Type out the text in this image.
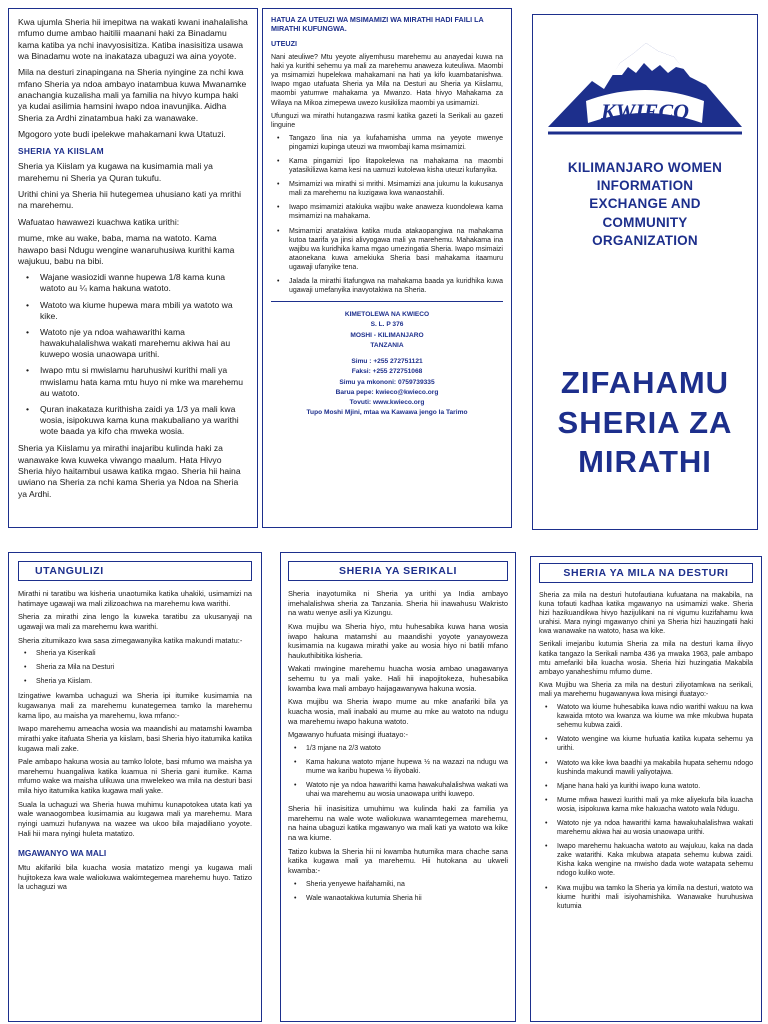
Kwa ujumla Sheria hii imepitwa na wakati kwani inahalalisha mfumo dume ambao haitilii maanani haki za Binadamu kama katiba ya nchi inavyosisitiza. Katiba inasisitiza usawa wa Binadamu wote na inakataza ubaguzi wa aina yoyote.

Mila na desturi zinapingana na Sheria nyingine za nchi kwa mfano Sheria ya ndoa ambayo inatambua kuwa Mwanamke anachangia kuzalisha mali ya familia na hivyo kumpa haki ya kudai asilimia hamsini iwapo ndoa inavunjika. Aidha Sheria za Ardhi zinatambua haki za wanawake.

Mgogoro yote budi ipelekwe mahakamani kwa Utatuzi.

SHERIA YA KIISLAM

Sheria ya Kiislam ya kugawa na kusimamia mali ya marehemu ni Sheria ya Quran tukufu.

Urithi chini ya Sheria hii hutegemea uhusiano kati ya mrithi na marehemu.

Wafuatao hawawezi kuachwa katika urithi:

mume, mke au wake, baba, mama na watoto. Kama hawapo basi Ndugu wengine wanaruhusiwa kurithi kama wajukuu, babu na bibi.

• Wajane wasiozidi wanne hupewa 1/8 kama kuna watoto au ¼ kama hakuna watoto.
• Watoto wa kiume hupewa mara mbili ya watoto wa kike.
• Watoto nje ya ndoa wahawarithi kama hawakuhalalishwa wakati marehemu akiwa hai au kuwepo wosia unaowapa urithi.
• Iwapo mtu si mwislamu haruhusiwi kurithi mali ya mwislamu hata kama mtu huyo ni mke wa marehemu au watoto.
• Quran inakataza kurithisha zaidi ya 1/3 ya mali kwa wosia, isipokuwa kama kuna makubaliano ya warithi wote baada ya kifo cha mweka wosia.

Sheria ya Kiislamu ya mirathi inajaribu kulinda haki za wanawake kwa kuweka viwango maalum. Hata Hivyo Sheria hiyo haitambui usawa katika mgao. Sheria hii haina uwiano na Sheria za nchi kama Sheria ya Ndoa na Sheria ya Ardhi.

HATUA ZA UTEUZI WA MSIMAMIZI WA MIRATHI HADI FAILI LA MIRATHI KUFUNGWA.
UTEUZI

Nani ateuliwe? Mtu yeyote aliyemhusu marehemu au anayedai kuwa na haki ya kurithi sehemu ya mali za marehemu anaweza kuteuliwa. Maombi ya msimamizi hupelekwa mahakamani na hati ya kifo kuambatanishwa. Iwapo mgao utafuata Sheria ya Mila na Desturi au Sheria ya Kiislamu, maombi yatumwe mahakama ya Mwanzo. Hata hivyo Mahakama za Wilaya na Mikoa zimepewa uwezo kusikiliza maombi ya usimamizi.

Ufunguzi wa mirathi hutangazwa rasmi katika gazeti la Serikali au gazeti linguine

• Tangazo lina nia ya kufahamisha umma na yeyote mwenye pingamizi kupinga uteuzi wa mwombaji kama msimamizi.
• Kama pingamizi lipo litapokelewa na mahakama na maombi yatasikilizwa kama kesi na uamuzi kutolewa kisha uteuzi kufanyika.
• Msimamizi wa mirathi si mrithi. Msimamizi ana jukumu la kukusanya mali za marehemu na kuzigawa kwa wanaostahili.
• Iwapo msimamizi atakiuka wajibu wake anaweza kuondolewa kama msimamizi na mahakama.
• Msimamizi anatakiwa katika muda atakaopangiwa na mahakama kutoa taarifa ya jinsi alivyogawa mali ya marehemu. Mahakama ina wajibu wa kuridhika kama mgao umezingatia Sheria. Iwapo msimaizi ataonekana kuwa amekiuka Sheria basi mahakama itaamuru ugawaji ufanyike tena.
• Jalada la mirathi litafungwa na mahakama baada ya kuridhika kuwa ugawaji umefanyika inavyotakiwa na Sheria.
KIMETOLEWA NA KWIECO
S. L. P 376
MOSHI - KILIMANJARO
TANZANIA
Simu : +255 272751121
Faksi: +255 272751068
Simu ya mkononi: 0759739335
Barua pepe: kwieco@kwieco.org
Tovuti: www.kwieco.org
Tupo Moshi Mjini, mtaa wa Kawawa jengo la Tarimo
KWIECO
KILIMANJARO WOMEN
INFORMATION
EXCHANGE AND
COMMUNITY
ORGANIZATION
ZIFAHAMU
SHERIA ZA
MIRATHI
UTANGULIZI

Mirathi ni taratibu wa kisheria unaotumika katika uhakiki, usimamizi na hatimaye ugawaji wa mali zilizoachwa na marehemu kwa warithi.

Sheria za mirathi zina lengo la kuweka taratibu za ukusanyaji na ugawaji wa mali za marehemu kwa warithi.

Sheria zitumikazo kwa sasa zimegawanyika katika makundi matatu:-

• Sheria ya Kiserikali
• Sheria za Mila na Desturi
• Sheria ya Kiislam.

Izingatiwe kwamba uchaguzi wa Sheria ipi itumike kusimamia na kugawanya mali za marehemu kunategemea tamko la marehemu kama lipo, au maisha ya marehemu, kwa mfano:-

Iwapo marehemu ameacha wosia wa maandishi au matamshi kwamba mirathi yake itafuata Sheria ya kiislam, basi Sheria hiyo itatumika katika kugawa mali zake.

Pale ambapo hakuna wosia au tamko lolote, basi mfumo wa maisha ya marehemu huangaliwa katika kuamua ni Sheria gani itumike. Kama mfumo wake wa maisha ulikuwa una mwelekeo wa mila na desturi basi mila hiyo itatumika katika kugawa mali yake.

Suala la uchaguzi wa Sheria huwa muhimu kunapotokea utata kati ya wale wanaogombea kusimamia au kugawa mali ya marehemu. Mara nyingi uamuzi hufanywa na wazee wa ukoo bila majadiliano yoyote. Hali hii mara nyingi huleta matatizo.

MGAWANYO WA MALI

Mtu akifariki bila kuacha wosia matatizo mengi ya kugawa mali hujitokeza kwa wale waliokuwa wakimtegemea marehemu huyo. Tatizo la uchaguzi wa

SHERIA YA SERIKALI

Sheria inayotumika ni Sheria ya urithi ya India ambayo imehalalishwa sheria za Tanzania. Sheria hii inawahusu Wakristo na watu wenye asili ya Kizungu.

Kwa mujibu wa Sheria hiyo, mtu huhesabika kuwa hana wosia iwapo hakuna matamshi au maandishi yoyote yanayoweza kusimamia na kugawa mirathi yake au wosia hiyo ni batili mfano haukuthibitika kisheria.

Wakati mwingine marehemu huacha wosia ambao unagawanya sehemu tu ya mali yake. Hali hii inapojitokeza, huhesabika kwamba kwa mali ambayo haijagawanywa hakuna wosia.

Kwa mujibu wa Sheria iwapo mume au mke anafariki bila ya kuacha wosia, mali inabaki au mume au mke au watoto na ndugu wa marehemu iwapo hakuna watoto.

Mgawanyo hufuata misingi ifuatayo:-

• 1/3 mjane na 2/3 watoto
• Kama hakuna watoto mjane hupewa ½ na wazazi na ndugu wa mume wa karibu hupewa ½ iliyobaki.
• Watoto nje ya ndoa hawarithi kama hawakuhalalishwa wakati wa uhai wa marehemu au wosia unaowapa urithi kuwepo.

Sheria hii inasisitiza umuhimu wa kulinda haki za familia ya marehemu na wale wote waliokuwa wanamtegemea marehemu, na haina ubaguzi katika mgawanyo wa mali kati ya watoto wa kike na wa kiume.

Tatizo kubwa la Sheria hii ni kwamba hutumika mara chache sana katika kugawa mali ya marehemu. Hii hutokana au ukweli kwamba:-

• Sheria yenyewe haifahamiki, na
• Wale wanaotakiwa kutumia Sheria hii
SHERIA YA MILA NA DESTURI

Sheria za mila na desturi hutofautiana kufuatana na makabila, na kuna tofauti kadhaa katika mgawanyo na usimamizi wake. Sheria hizi hazikuandikwa hivyo hazijulikani na ni vigumu kuzifahamu kwa urahisi. Mara nyingi mgawanyo chini ya Sheria hizi hauzingatii haki kwa wanawake na watoto, hasa wa kike.

Serikali imejaribu kutumia Sheria za mila na desturi kama ilivyo katika tangazo la Serikali namba 436 ya mwaka 1963, pale ambapo mtu amefariki bila kuacha wosia. Sheria hizi huzingatia Makabila ambayo yanaheshimu mfumo dume.

Kwa Mujibu wa Sheria za mila na desturi ziliyotamkwa na serikali, mali ya marehemu hugawanywa kwa misingi ifuatayo:-

• Watoto wa kiume huhesabika kuwa ndio warithi wakuu na kwa kawaida mtoto wa kwanza wa kiume wa mke mkubwa hupata sehemu kubwa zaidi.
• Watoto wengine wa kiume hufuatia katika kupata sehemu ya urithi.
• Watoto wa kike kwa baadhi ya makabila hupata sehemu ndogo kushinda makundi mawili yaliyotajwa.
• Mjane hana haki ya kurithi iwapo kuna watoto.
• Mume mfiwa hawezi kurithi mali ya mke aliyekufa bila kuacha wosia, isipokuwa kama mke hakuacha watoto wala Ndugu.
• Watoto nje ya ndoa hawarithi kama hawakuhalalishwa wakati marehemu akiwa hai au wosia unaowapa urithi.
• Iwapo marehemu hakuacha watoto au wajukuu, kaka na dada zake watarithi. Kaka mkubwa atapata sehemu kubwa zaidi. Kisha kaka wengine na mwisho dada wote watapata sehemu ndogo kuliko wote.
• Kwa mujibu wa tamko la Sheria ya kimila na desturi, watoto wa kiume hurithi mali isiyohamishika. Wanawake huruhusiwa kutumia
